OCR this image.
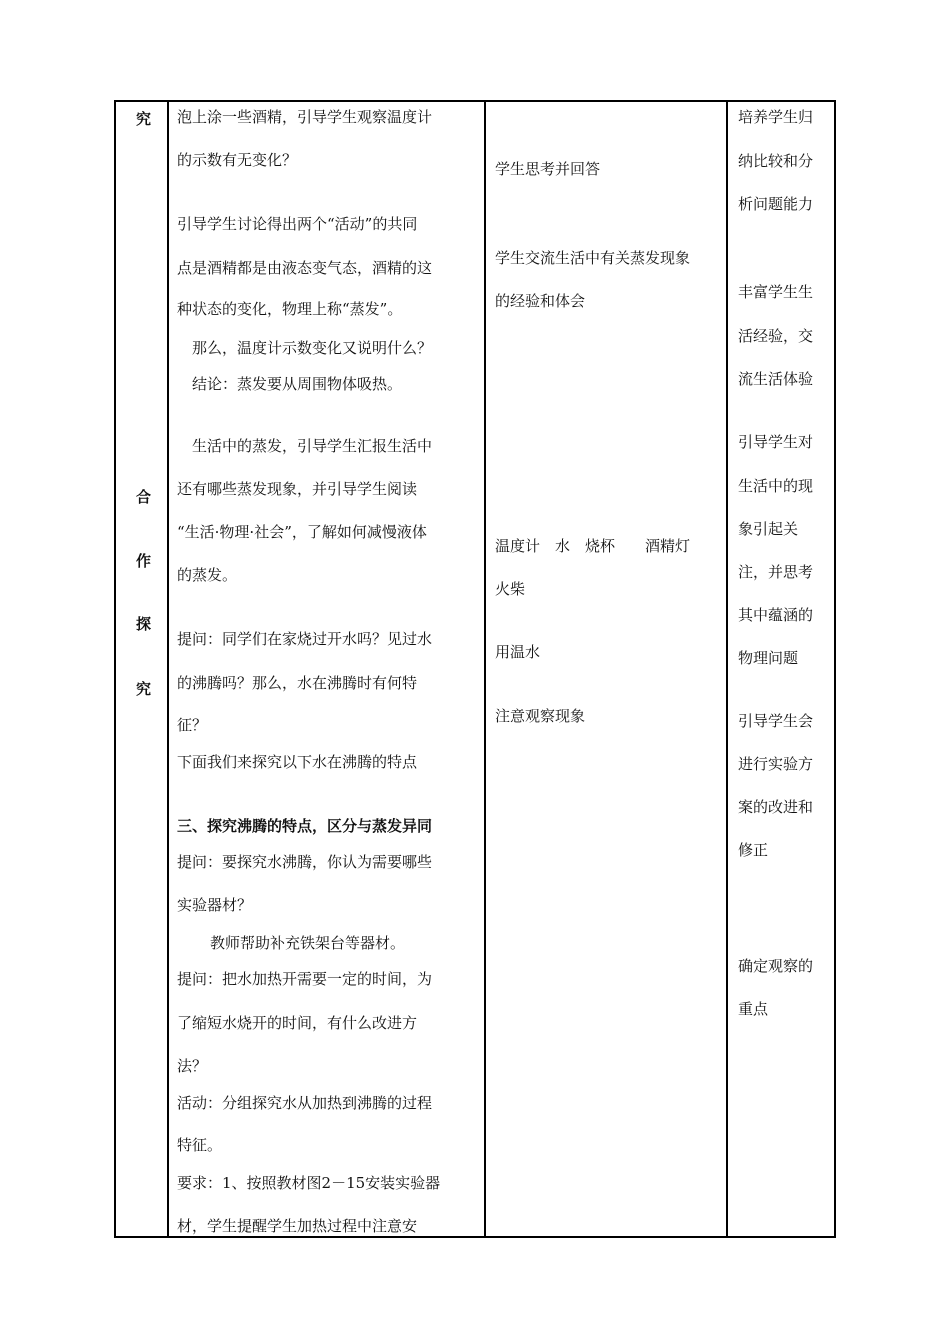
究
合
作
探
究
泡上涂一些酒精，引导学生观察温度计
的示数有无变化？
引导学生讨论得出两个“活动”的共同
点是酒精都是由液态变气态，酒精的这
种状态的变化，物理上称“蒸发”。
那么，温度计示数变化又说明什么？
结论：蒸发要从周围物体吸热。
生活中的蒸发，引导学生汇报生活中
还有哪些蒸发现象，并引导学生阅读
“生活·物理·社会”，了解如何减慢液体
的蒸发。
提问：同学们在家烧过开水吗？见过水
的沸腾吗？那么，水在沸腾时有何特
征？
下面我们来探究以下水在沸腾的特点
三、探究沸腾的特点，区分与蒸发异同
提问：要探究水沸腾，你认为需要哪些
实验器材？
教师帮助补充铁架台等器材。
提问：把水加热开需要一定的时间，为
了缩短水烧开的时间，有什么改进方
法？
活动：分组探究水从加热到沸腾的过程
特征。
要求：1、按照教材图2－15安装实验器
材，学生提醒学生加热过程中注意安
学生思考并回答
学生交流生活中有关蒸发现象
的经验和体会
温度计　水　烧杯　　酒精灯
火柴
用温水
注意观察现象
培养学生归
纳比较和分
析问题能力
丰富学生生
活经验，交
流生活体验
引导学生对
生活中的现
象引起关
注，并思考
其中蕴涵的
物理问题
引导学生会
进行实验方
案的改进和
修正
确定观察的
重点
